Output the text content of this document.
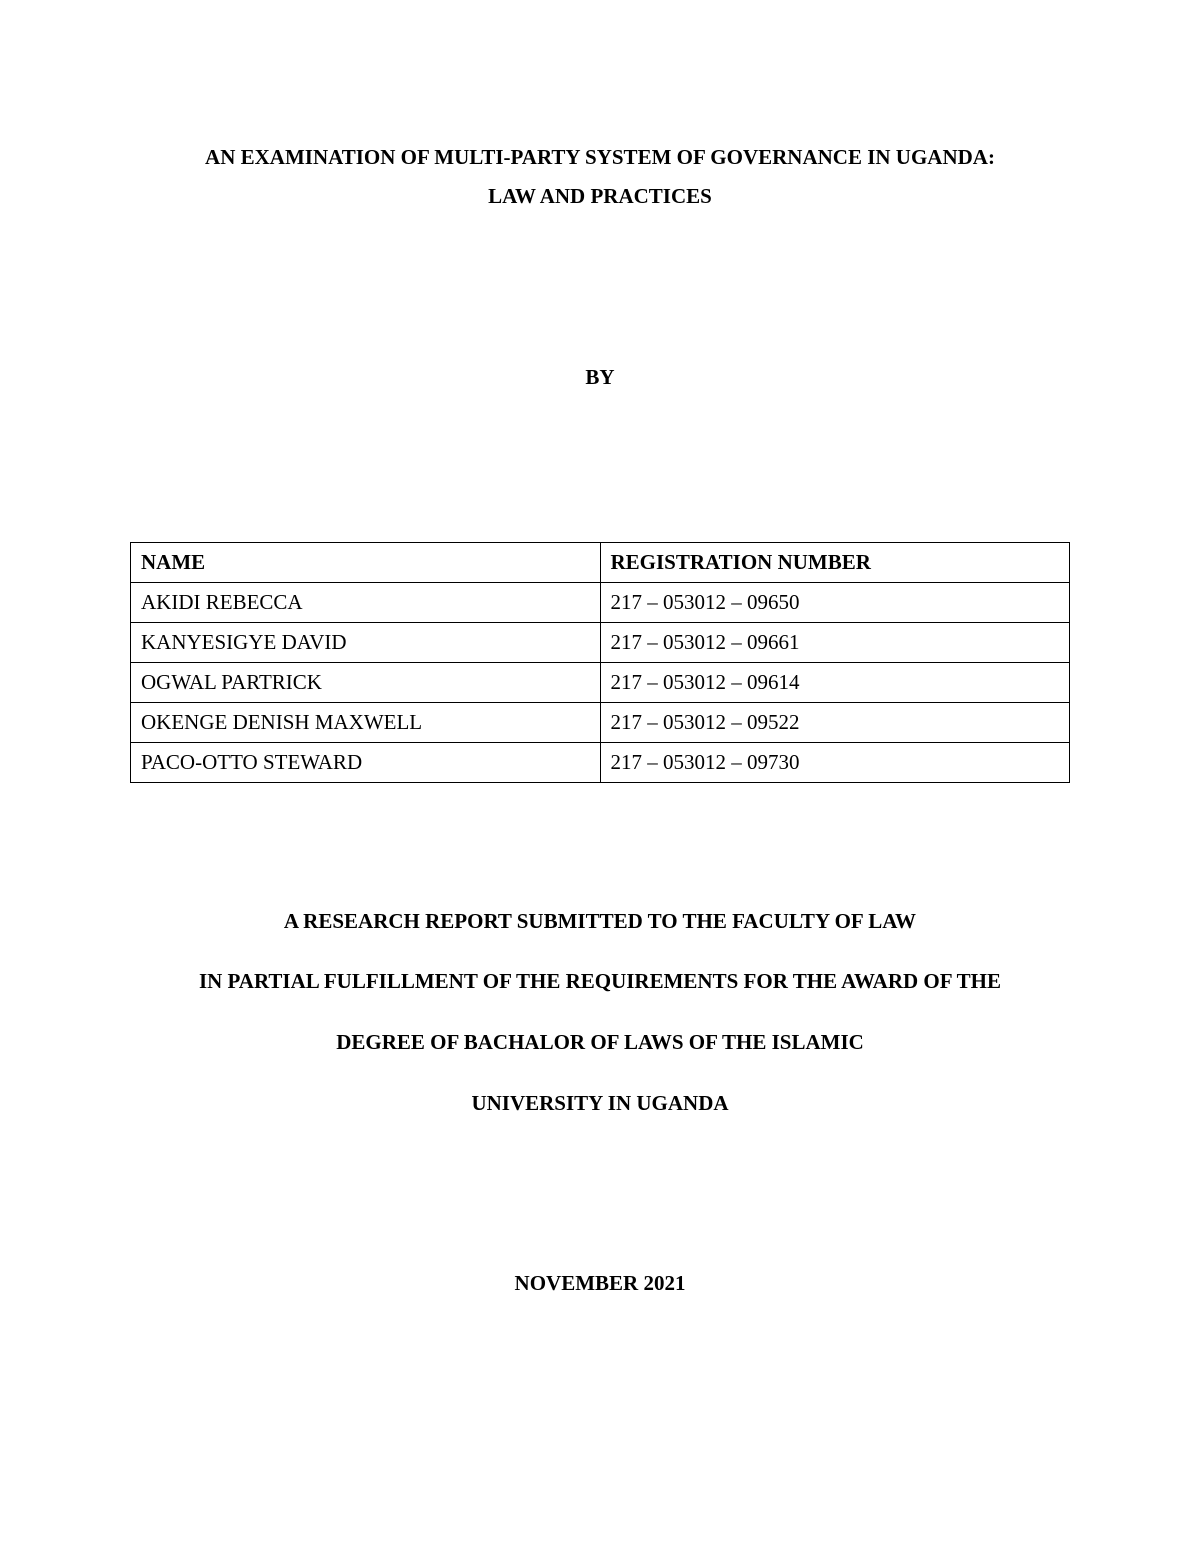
AN EXAMINATION OF MULTI-PARTY SYSTEM OF GOVERNANCE IN UGANDA:
LAW AND PRACTICES
BY
NAME	REGISTRATION NUMBER
AKIDI REBECCA	217 – 053012 – 09650
KANYESIGYE DAVID	217 – 053012 – 09661
OGWAL PARTRICK	217 – 053012 – 09614
OKENGE DENISH MAXWELL	217 – 053012 – 09522
PACO-OTTO STEWARD	217 – 053012 – 09730
A RESEARCH REPORT SUBMITTED TO THE FACULTY OF LAW
IN PARTIAL FULFILLMENT OF THE REQUIREMENTS FOR THE AWARD OF THE
DEGREE OF BACHALOR OF LAWS OF THE ISLAMIC
UNIVERSITY IN UGANDA
NOVEMBER 2021
